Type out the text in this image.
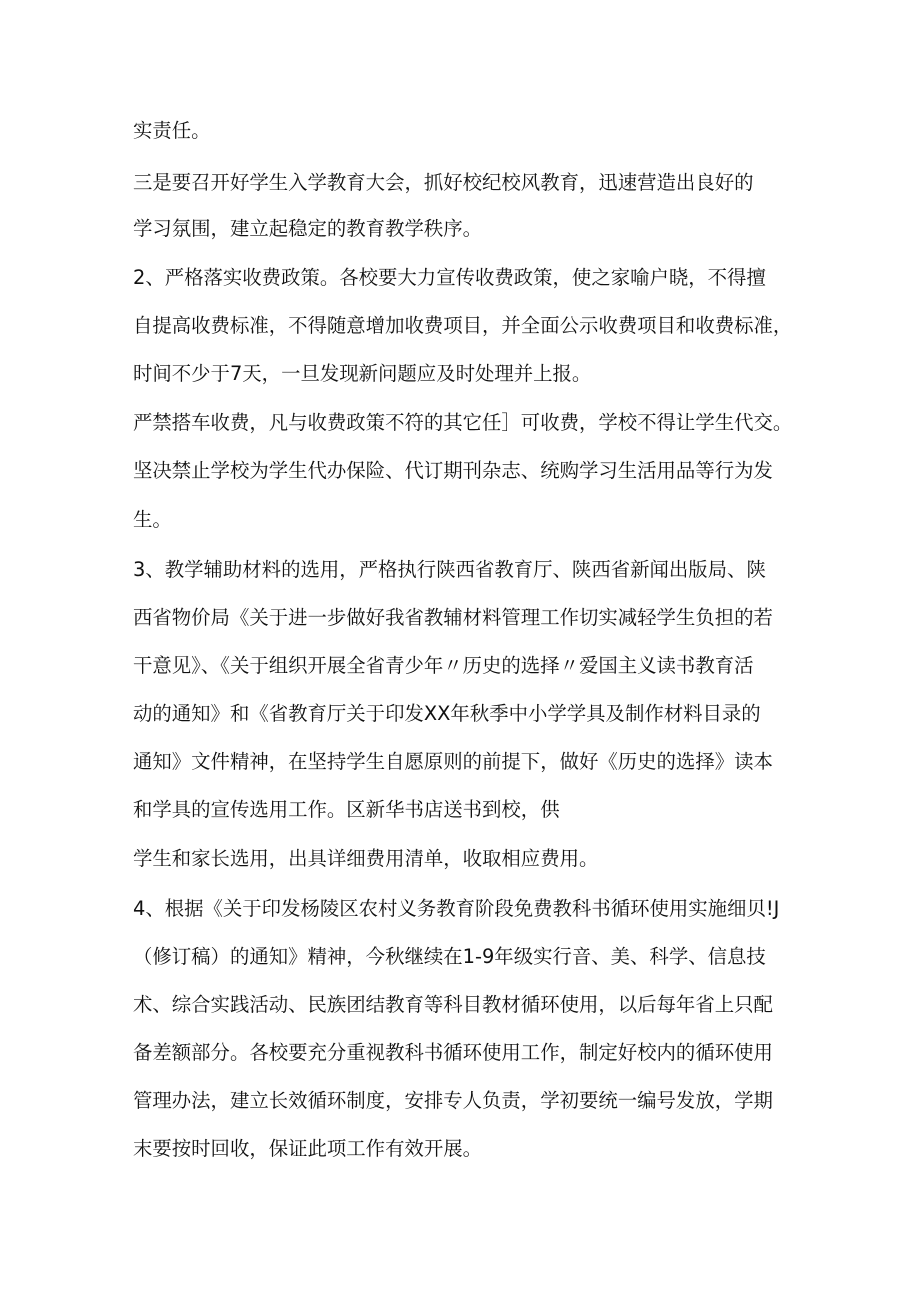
实责任。
三是要召开好学生入学教育大会，抓好校纪校风教育，迅速营造出良好的
学习氛围，建立起稳定的教育教学秩序。
2、严格落实收费政策。各校要大力宣传收费政策，使之家喻户晓，不得擅
自提高收费标准，不得随意增加收费项目，并全面公示收费项目和收费标准，
时间不少于7天，一旦发现新问题应及时处理并上报。
严禁搭车收费，凡与收费政策不符的其它任］可收费，学校不得让学生代交。
坚决禁止学校为学生代办保险、代订期刊杂志、统购学习生活用品等行为发
生。
3、教学辅助材料的选用，严格执行陕西省教育厅、陕西省新闻出版局、陕
西省物价局《关于进一步做好我省教辅材料管理工作切实减轻学生负担的若
干意见》、《关于组织开展全省青少年〃历史的选择〃爱国主义读书教育活
动的通知》和《省教育厅关于印发XX年秋季中小学学具及制作材料目录的
通知》文件精神，在坚持学生自愿原则的前提下，做好《历史的选择》读本
和学具的宣传选用工作。区新华书店送书到校，供
学生和家长选用，出具详细费用清单，收取相应费用。
4、根据《关于印发杨陵区农村义务教育阶段免费教科书循环使用实施细贝!J
（修订稿）的通知》精神，今秋继续在1-9年级实行音、美、科学、信息技
术、综合实践活动、民族团结教育等科目教材循环使用，以后每年省上只配
备差额部分。各校要充分重视教科书循环使用工作，制定好校内的循环使用
管理办法，建立长效循环制度，安排专人负责，学初要统一编号发放，学期
末要按时回收，保证此项工作有效开展。
